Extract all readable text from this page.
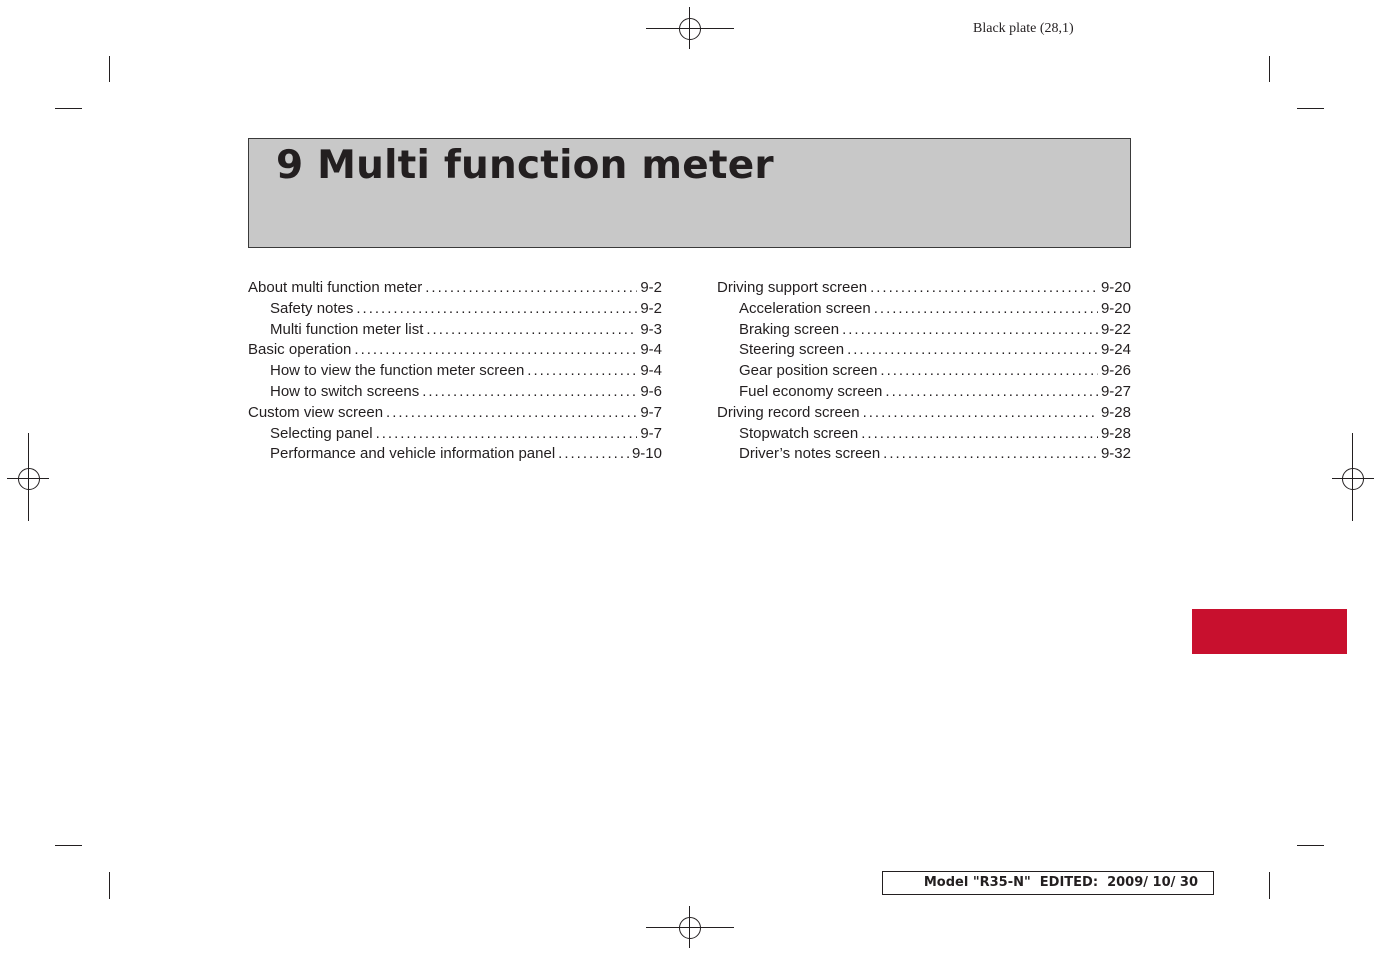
Black plate (28,1)
9 Multi function meter
About multi function meter .....	9-2
Safety notes .....	9-2
Multi function meter list .....	9-3
Basic operation .....	9-4
How to view the function meter screen .....	9-4
How to switch screens .....	9-6
Custom view screen .....	9-7
Selecting panel .....	9-7
Performance and vehicle information panel .....	9-10
Driving support screen .....	9-20
Acceleration screen .....	9-20
Braking screen .....	9-22
Steering screen .....	9-24
Gear position screen .....	9-26
Fuel economy screen .....	9-27
Driving record screen .....	9-28
Stopwatch screen .....	9-28
Driver’s notes screen .....	9-32
Model "R35-N"  EDITED:  2009/ 10/ 30
